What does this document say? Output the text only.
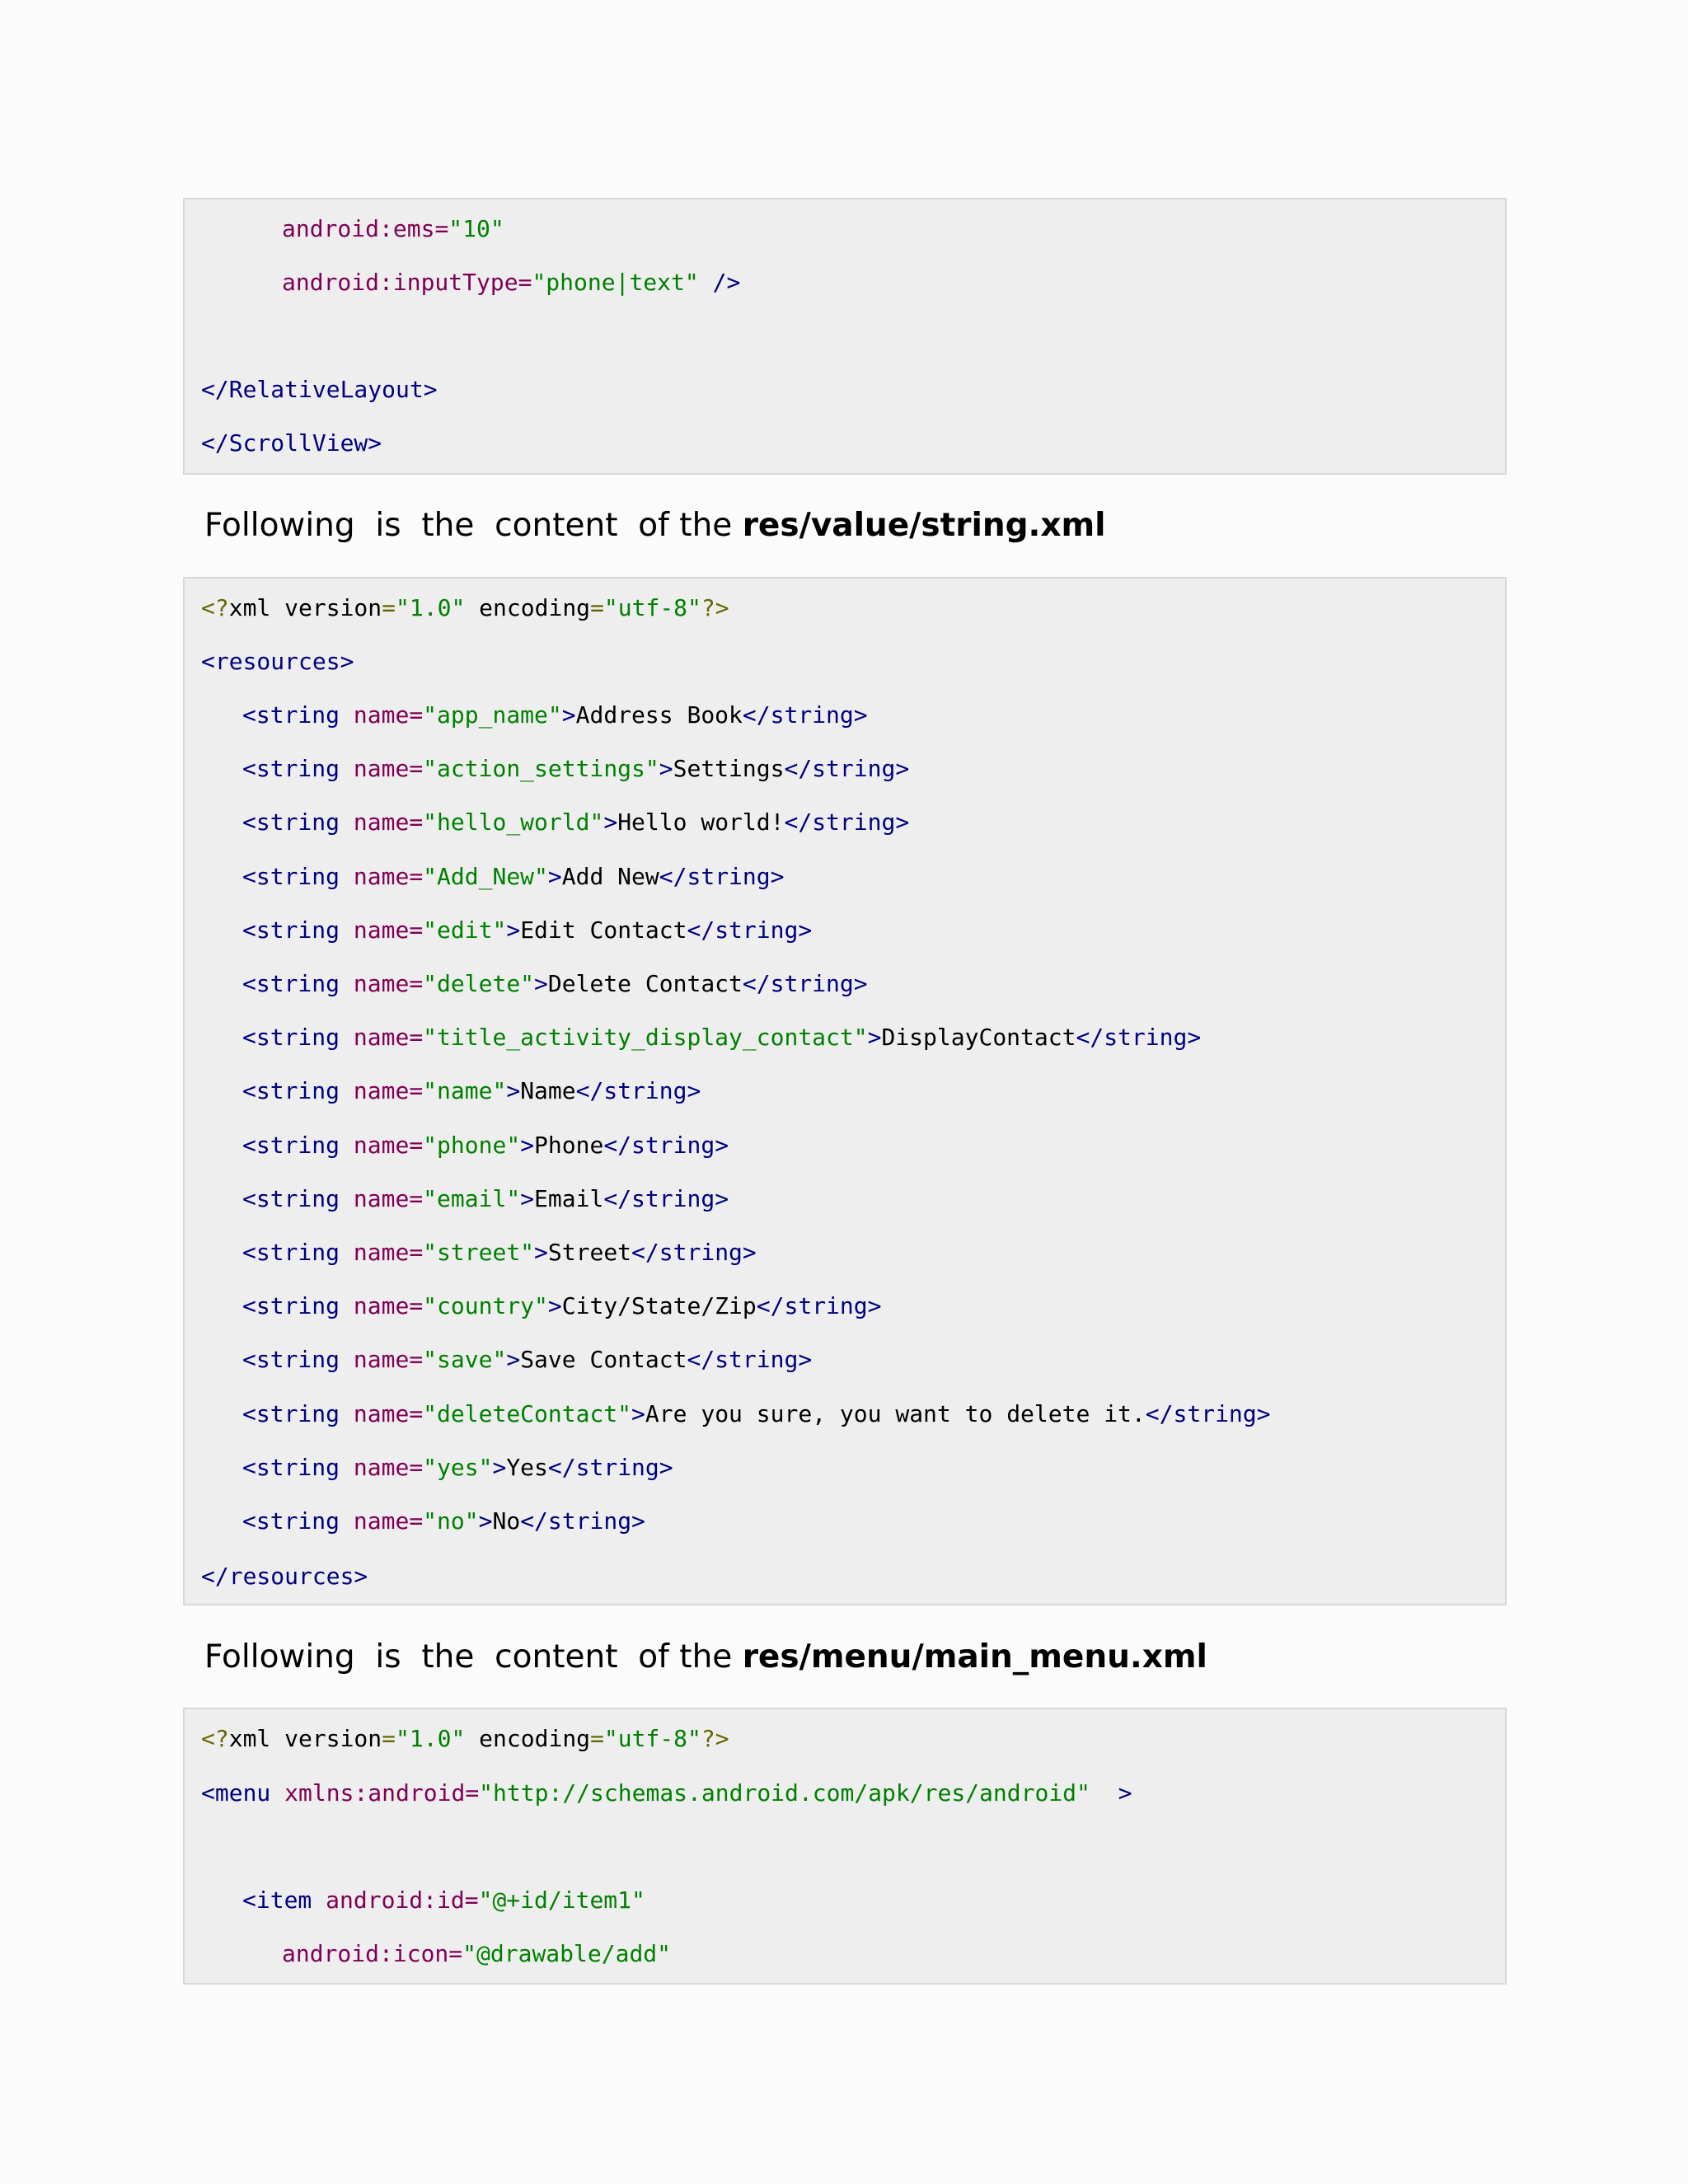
android:ems="10"
android:inputType="phone|text" />
</RelativeLayout>
</ScrollView>
Following  is  the  content  of the res/value/string.xml
<?xml version="1.0" encoding="utf-8"?>
<resources>
<string name="app_name">Address Book</string>
<string name="action_settings">Settings</string>
<string name="hello_world">Hello world!</string>
<string name="Add_New">Add New</string>
<string name="edit">Edit Contact</string>
<string name="delete">Delete Contact</string>
<string name="title_activity_display_contact">DisplayContact</string>
<string name="name">Name</string>
<string name="phone">Phone</string>
<string name="email">Email</string>
<string name="street">Street</string>
<string name="country">City/State/Zip</string>
<string name="save">Save Contact</string>
<string name="deleteContact">Are you sure, you want to delete it.</string>
<string name="yes">Yes</string>
<string name="no">No</string>
</resources>
Following  is  the  content  of the res/menu/main_menu.xml
<?xml version="1.0" encoding="utf-8"?>
<menu xmlns:android="http://schemas.android.com/apk/res/android"  >
<item android:id="@+id/item1"
android:icon="@drawable/add"
